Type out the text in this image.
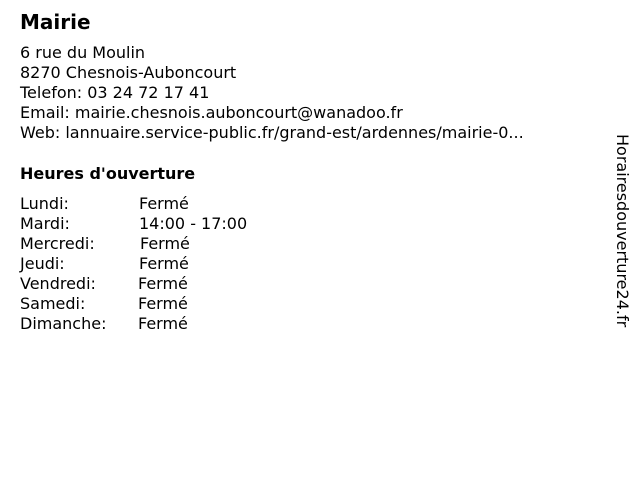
Mairie
6 rue du Moulin
8270 Chesnois-Auboncourt
Telefon: 03 24 72 17 41
Email: mairie.chesnois.auboncourt@wanadoo.fr
Web: lannuaire.service-public.fr/grand-est/ardennes/mairie-0...
Heures d'ouverture
Lundi:	Fermé
Mardi:	14:00 - 17:00
Mercredi:	Fermé
Jeudi:	Fermé
Vendredi:	Fermé
Samedi:	Fermé
Dimanche: Fermé	Horairesdouverture24.fr
